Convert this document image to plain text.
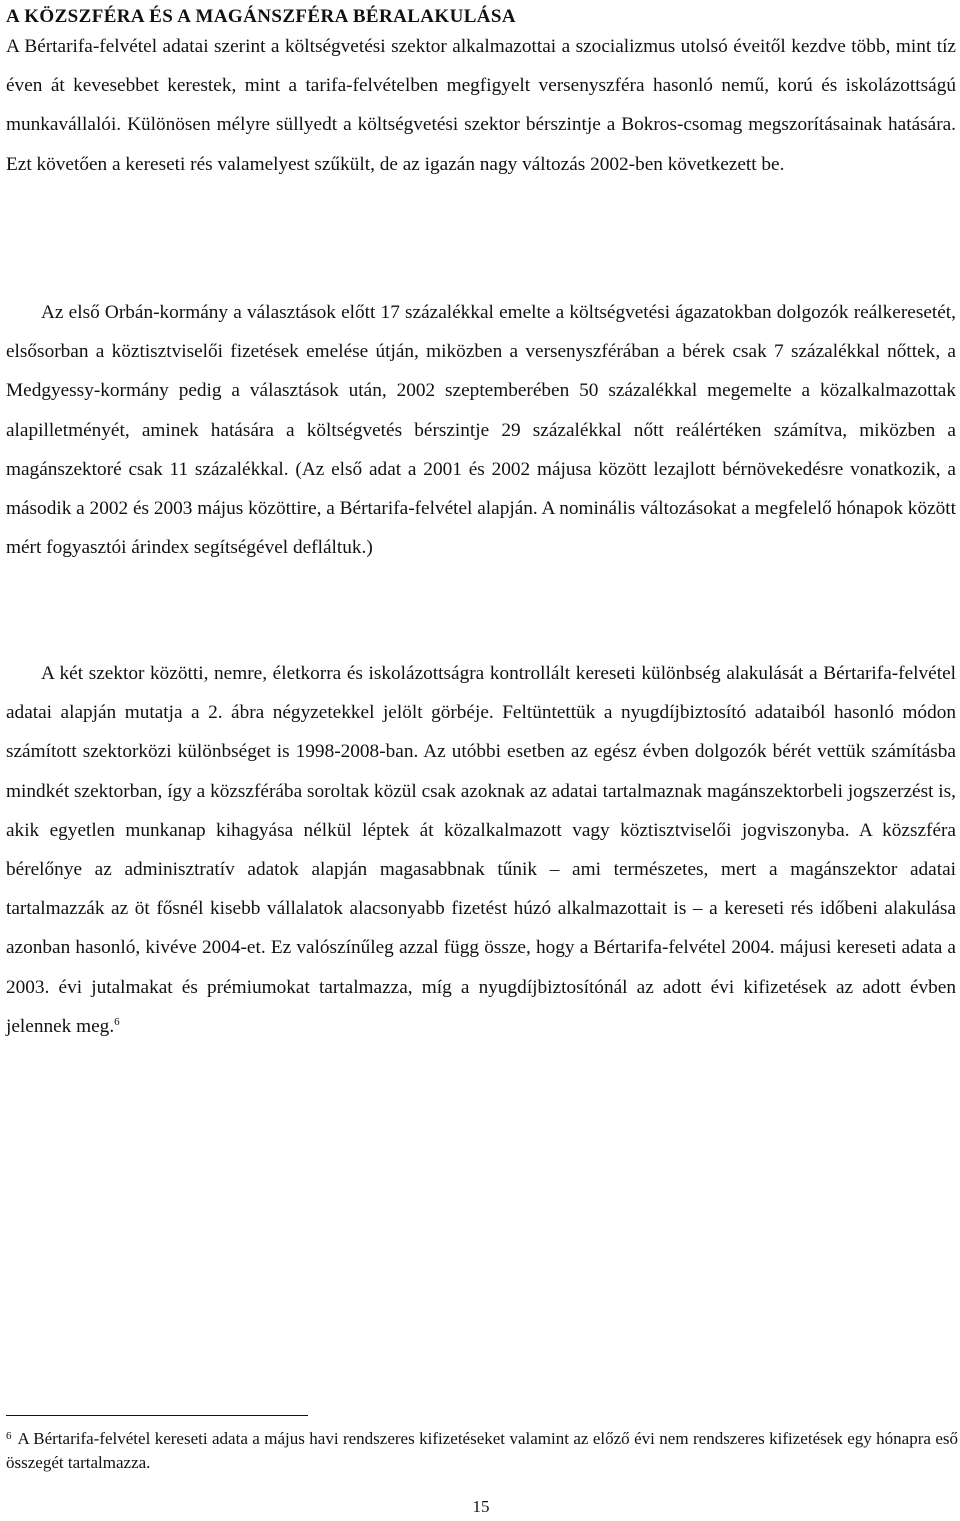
A KÖZSZFÉRA ÉS A MAGÁNSZFÉRA BÉRALAKULÁSA

A Bértarifa-felvétel adatai szerint a költségvetési szektor alkalmazottai a szocializmus utolsó éveitől kezdve több, mint tíz éven át kevesebbet kerestek, mint a tarifa-felvételben megfigyelt versenyszféra hasonló nemű, korú és iskolázottságú munkavállalói. Különösen mélyre süllyedt a költségvetési szektor bérszintje a Bokros-csomag megszorításainak hatására. Ezt követően a kereseti rés valamelyest szűkült, de az igazán nagy változás 2002-ben következett be.

Az első Orbán-kormány a választások előtt 17 százalékkal emelte a költségvetési ágazatokban dolgozók reálkeresetét, elsősorban a köztisztviselői fizetések emelése útján, miközben a versenyszférában a bérek csak 7 százalékkal nőttek, a Medgyessy-kormány pedig a választások után, 2002 szeptemberében 50 százalékkal megemelte a közalkalmazottak alapilletményét, aminek hatására a költségvetés bérszintje 29 százalékkal nőtt reálértéken számítva, miközben a magánszektoré csak 11 százalékkal. (Az első adat a 2001 és 2002 májusa között lezajlott bérnövekedésre vonatkozik, a második a 2002 és 2003 május közöttire, a Bértarifa-felvétel alapján. A nominális változásokat a megfelelő hónapok között mért fogyasztói árindex segítségével defláltuk.)

A két szektor közötti, nemre, életkorra és iskolázottságra kontrollált kereseti különbség alakulását a Bértarifa-felvétel adatai alapján mutatja a 2. ábra négyzetekkel jelölt görbéje. Feltüntettük a nyugdíjbiztosító adataiból hasonló módon számított szektorközi különbséget is 1998-2008-ban. Az utóbbi esetben az egész évben dolgozók bérét vettük számításba mindkét szektorban, így a közszférába soroltak közül csak azoknak az adatai tartalmaznak magánszektorbeli jogszerzést is, akik egyetlen munkanap kihagyása nélkül léptek át közalkalmazott vagy köztisztviselői jogviszonyba. A közszféra bérelőnye az adminisztratív adatok alapján magasabbnak tűnik – ami természetes, mert a magánszektor adatai tartalmazzák az öt fősnél kisebb vállalatok alacsonyabb fizetést húzó alkalmazottait is – a kereseti rés időbeni alakulása azonban hasonló, kivéve 2004-et. Ez valószínűleg azzal függ össze, hogy a Bértarifa-felvétel 2004. májusi kereseti adata a 2003. évi jutalmakat és prémiumokat tartalmazza, míg a nyugdíjbiztosítónál az adott évi kifizetések az adott évben jelennek meg.$^6$

$^6$ A Bértarifa-felvétel kereseti adata a május havi rendszeres kifizetéseket valamint az előző évi nem rendszeres kifizetések egy hónapra eső összegét tartalmazza.

15
